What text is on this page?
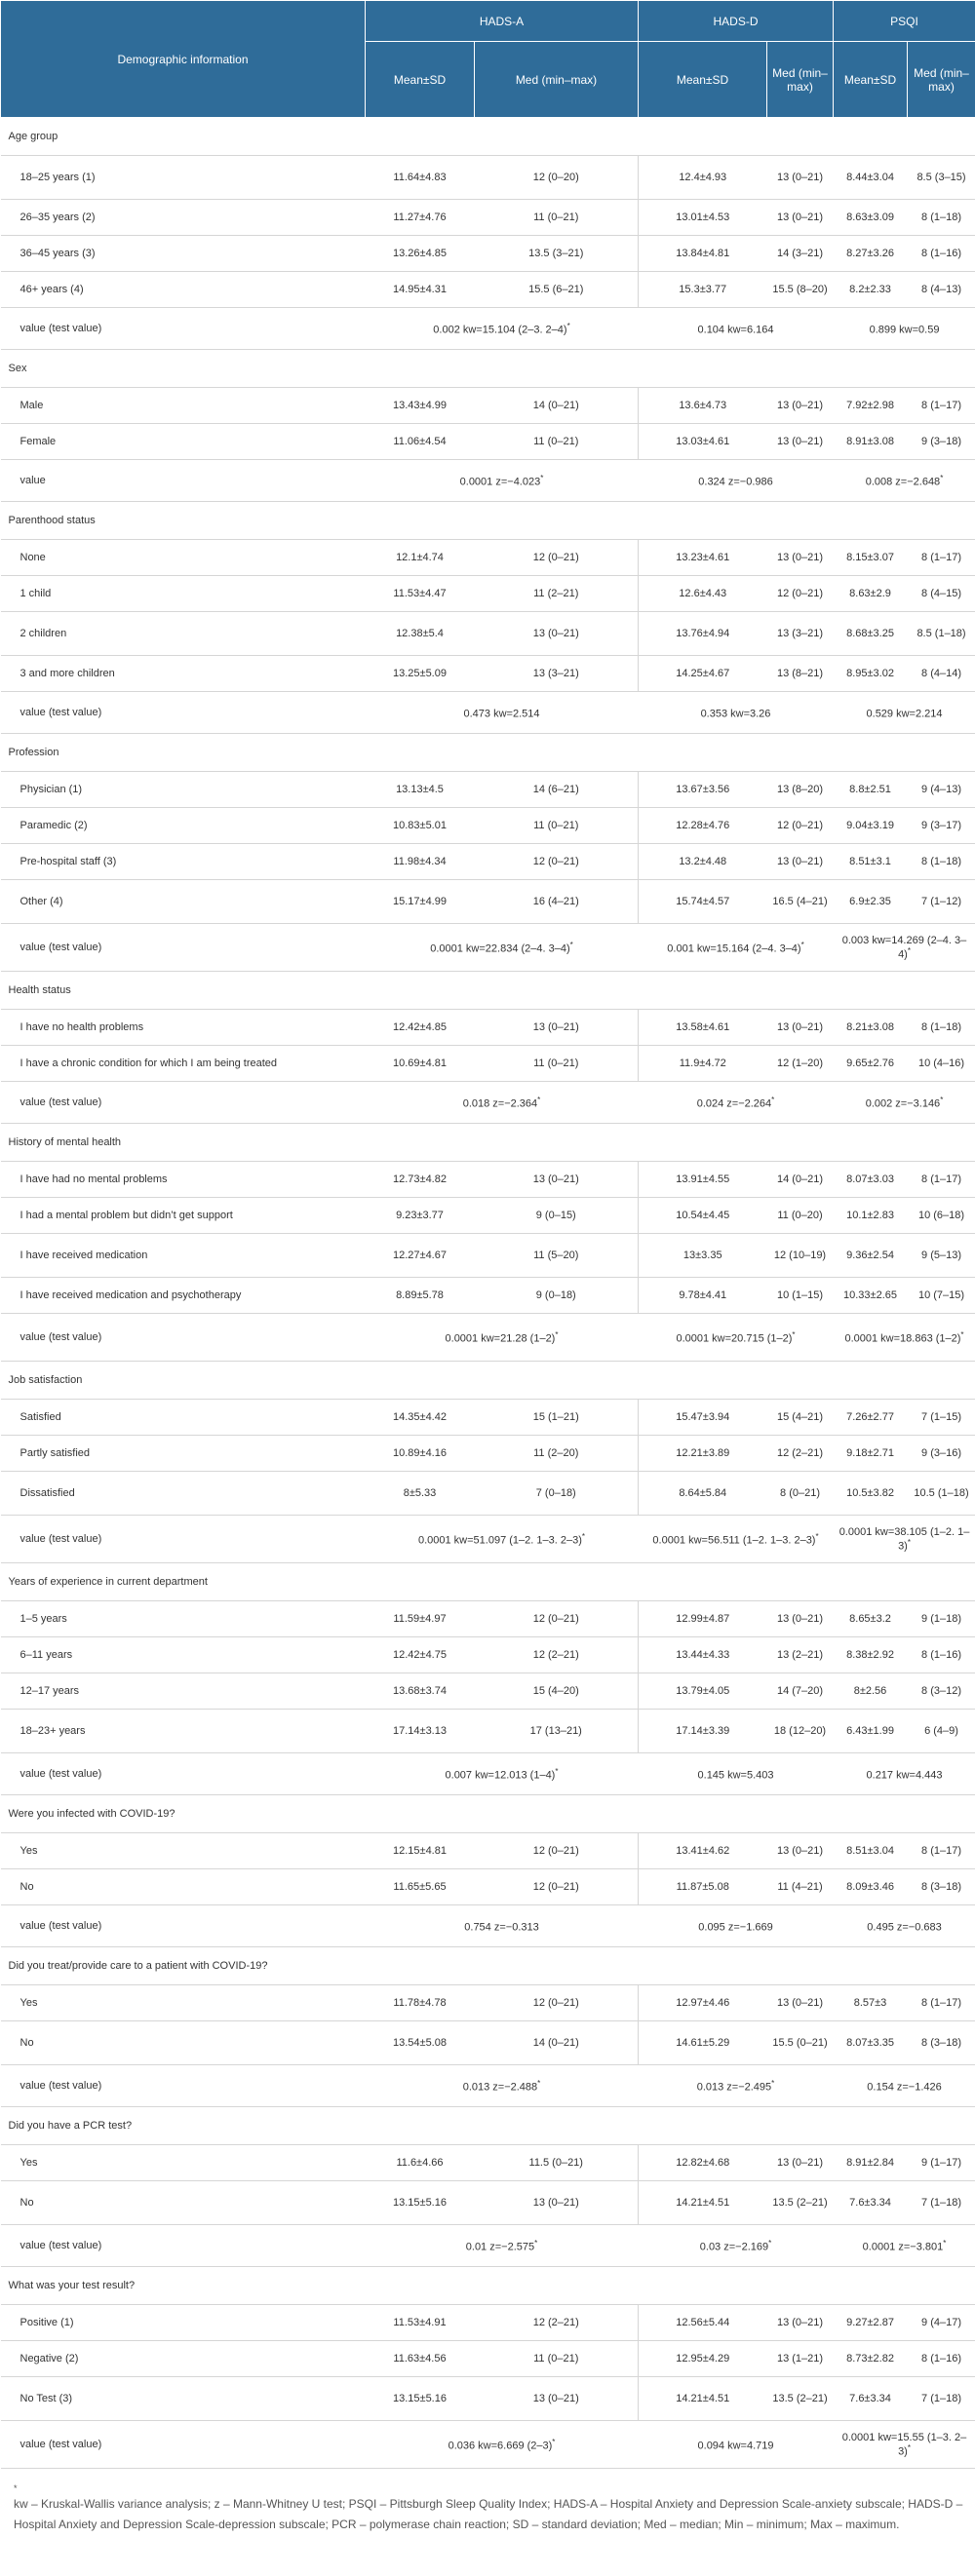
Demographic information	HADS-A		HADS-D		PSQI	
	Mean±SD	Med (min–max)	Mean±SD	Med (min–max)	Mean±SD	Med (min–max)
Age group						
18–25 years (1)	11.64±4.83	12 (0–20)	12.4±4.93	13 (0–21)	8.44±3.04	8.5 (3–15)
26–35 years (2)	11.27±4.76	11 (0–21)	13.01±4.53	13 (0–21)	8.63±3.09	8 (1–18)
36–45 years (3)	13.26±4.85	13.5 (3–21)	13.84±4.81	14 (3–21)	8.27±3.26	8 (1–16)
46+ years (4)	14.95±4.31	15.5 (6–21)	15.3±3.77	15.5 (8–20)	8.2±2.33	8 (4–13)
value (test value)	0.002 kw=15.104 (2–3. 2–4)*		0.104 kw=6.164		0.899 kw=0.59	
Sex						
Male	13.43±4.99	14 (0–21)	13.6±4.73	13 (0–21)	7.92±2.98	8 (1–17)
Female	11.06±4.54	11 (0–21)	13.03±4.61	13 (0–21)	8.91±3.08	9 (3–18)
value	0.0001 z=−4.023*		0.324 z=−0.986		0.008 z=−2.648*
Parenthood status						
None	12.1±4.74	12 (0–21)	13.23±4.61	13 (0–21)	8.15±3.07	8 (1–17)
1 child	11.53±4.47	11 (2–21)	12.6±4.43	12 (0–21)	8.63±2.9	8 (4–15)
2 children	12.38±5.4	13 (0–21)	13.76±4.94	13 (3–21)	8.68±3.25	8.5 (1–18)
3 and more children	13.25±5.09	13 (3–21)	14.25±4.67	13 (8–21)	8.95±3.02	8 (4–14)
value (test value)	0.473 kw=2.514		0.353 kw=3.26		0.529 kw=2.214	
Profession						
Physician (1)	13.13±4.5	14 (6–21)	13.67±3.56	13 (8–20)	8.8±2.51	9 (4–13)
Paramedic (2)	10.83±5.01	11 (0–21)	12.28±4.76	12 (0–21)	9.04±3.19	9 (3–17)
Pre-hospital staff (3)	11.98±4.34	12 (0–21)	13.2±4.48	13 (0–21)	8.51±3.1	8 (1–18)
Other (4)	15.17±4.99	16 (4–21)	15.74±4.57	16.5 (4–21)	6.9±2.35	7 (1–12)
value (test value)	0.0001 kw=22.834 (2–4. 3–4)*		0.001 kw=15.164 (2–4. 3–4)*		0.003 kw=14.269 (2–4. 3–4)*
Health status						
I have no health problems	12.42±4.85	13 (0–21)	13.58±4.61	13 (0–21)	8.21±3.08	8 (1–18)
I have a chronic condition for which I am being treated	10.69±4.81	11 (0–21)	11.9±4.72	12 (1–20)	9.65±2.76	10 (4–16)
value (test value)	0.018 z=−2.364*		0.024 z=−2.264*		0.002 z=−3.146*
History of mental health						
I have had no mental problems	12.73±4.82	13 (0–21)	13.91±4.55	14 (0–21)	8.07±3.03	8 (1–17)
I had a mental problem but didn’t get support	9.23±3.77	9 (0–15)	10.54±4.45	11 (0–20)	10.1±2.83	10 (6–18)
I have received medication	12.27±4.67	11 (5–20)	13±3.35	12 (10–19)	9.36±2.54	9 (5–13)
I have received medication and psychotherapy	8.89±5.78	9 (0–18)	9.78±4.41	10 (1–15)	10.33±2.65	10 (7–15)
value (test value)	0.0001 kw=21.28 (1–2)*		0.0001 kw=20.715 (1–2)*		0.0001 kw=18.863 (1–2)*
Job satisfaction						
Satisfied	14.35±4.42	15 (1–21)	15.47±3.94	15 (4–21)	7.26±2.77	7 (1–15)
Partly satisfied	10.89±4.16	11 (2–20)	12.21±3.89	12 (2–21)	9.18±2.71	9 (3–16)
Dissatisfied	8±5.33	7 (0–18)	8.64±5.84	8 (0–21)	10.5±3.82	10.5 (1–18)
value (test value)	0.0001 kw=51.097 (1–2. 1–3. 2–3)*		0.0001 kw=56.511 (1–2. 1–3. 2–3)*		0.0001 kw=38.105 (1–2. 1–3)*
Years of experience in current department						
1–5 years	11.59±4.97	12 (0–21)	12.99±4.87	13 (0–21)	8.65±3.2	9 (1–18)
6–11 years	12.42±4.75	12 (2–21)	13.44±4.33	13 (2–21)	8.38±2.92	8 (1–16)
12–17 years	13.68±3.74	15 (4–20)	13.79±4.05	14 (7–20)	8±2.56	8 (3–12)
18–23+ years	17.14±3.13	17 (13–21)	17.14±3.39	18 (12–20)	6.43±1.99	6 (4–9)
value (test value)	0.007 kw=12.013 (1–4)*		0.145 kw=5.403		0.217 kw=4.443	
Were you infected with COVID-19?						
Yes	12.15±4.81	12 (0–21)	13.41±4.62	13 (0–21)	8.51±3.04	8 (1–17)
No	11.65±5.65	12 (0–21)	11.87±5.08	11 (4–21)	8.09±3.46	8 (3–18)
value (test value)	0.754 z=−0.313		0.095 z=−1.669		0.495 z=−0.683	
Did you treat/provide care to a patient with COVID-19?						
Yes	11.78±4.78	12 (0–21)	12.97±4.46	13 (0–21)	8.57±3	8 (1–17)
No	13.54±5.08	14 (0–21)	14.61±5.29	15.5 (0–21)	8.07±3.35	8 (3–18)
value (test value)	0.013 z=−2.488*		0.013 z=−2.495*		0.154 z=−1.426	
Did you have a PCR test?						
Yes	11.6±4.66	11.5 (0–21)	12.82±4.68	13 (0–21)	8.91±2.84	9 (1–17)
No	13.15±5.16	13 (0–21)	14.21±4.51	13.5 (2–21)	7.6±3.34	7 (1–18)
value (test value)	0.01 z=−2.575*		0.03 z=−2.169*		0.0001 z=−3.801*
What was your test result?						
Positive (1)	11.53±4.91	12 (2–21)	12.56±5.44	13 (0–21)	9.27±2.87	9 (4–17)
Negative (2)	11.63±4.56	11 (0–21)	12.95±4.29	13 (1–21)	8.73±2.82	8 (1–16)
No Test (3)	13.15±5.16	13 (0–21)	14.21±4.51	13.5 (2–21)	7.6±3.34	7 (1–18)
value (test value)	0.036 kw=6.669 (2–3)*		0.094 kw=4.719		0.0001 kw=15.55 (1–3. 2–3)*
*
kw – Kruskal-Wallis variance analysis; z – Mann-Whitney U test; PSQI – Pittsburgh Sleep Quality Index; HADS-A – Hospital Anxiety and Depression Scale-anxiety subscale; HADS-D – Hospital Anxiety and Depression Scale-depression subscale; PCR – polymerase chain reaction; SD – standard deviation; Med – median; Min – minimum; Max – maximum.
